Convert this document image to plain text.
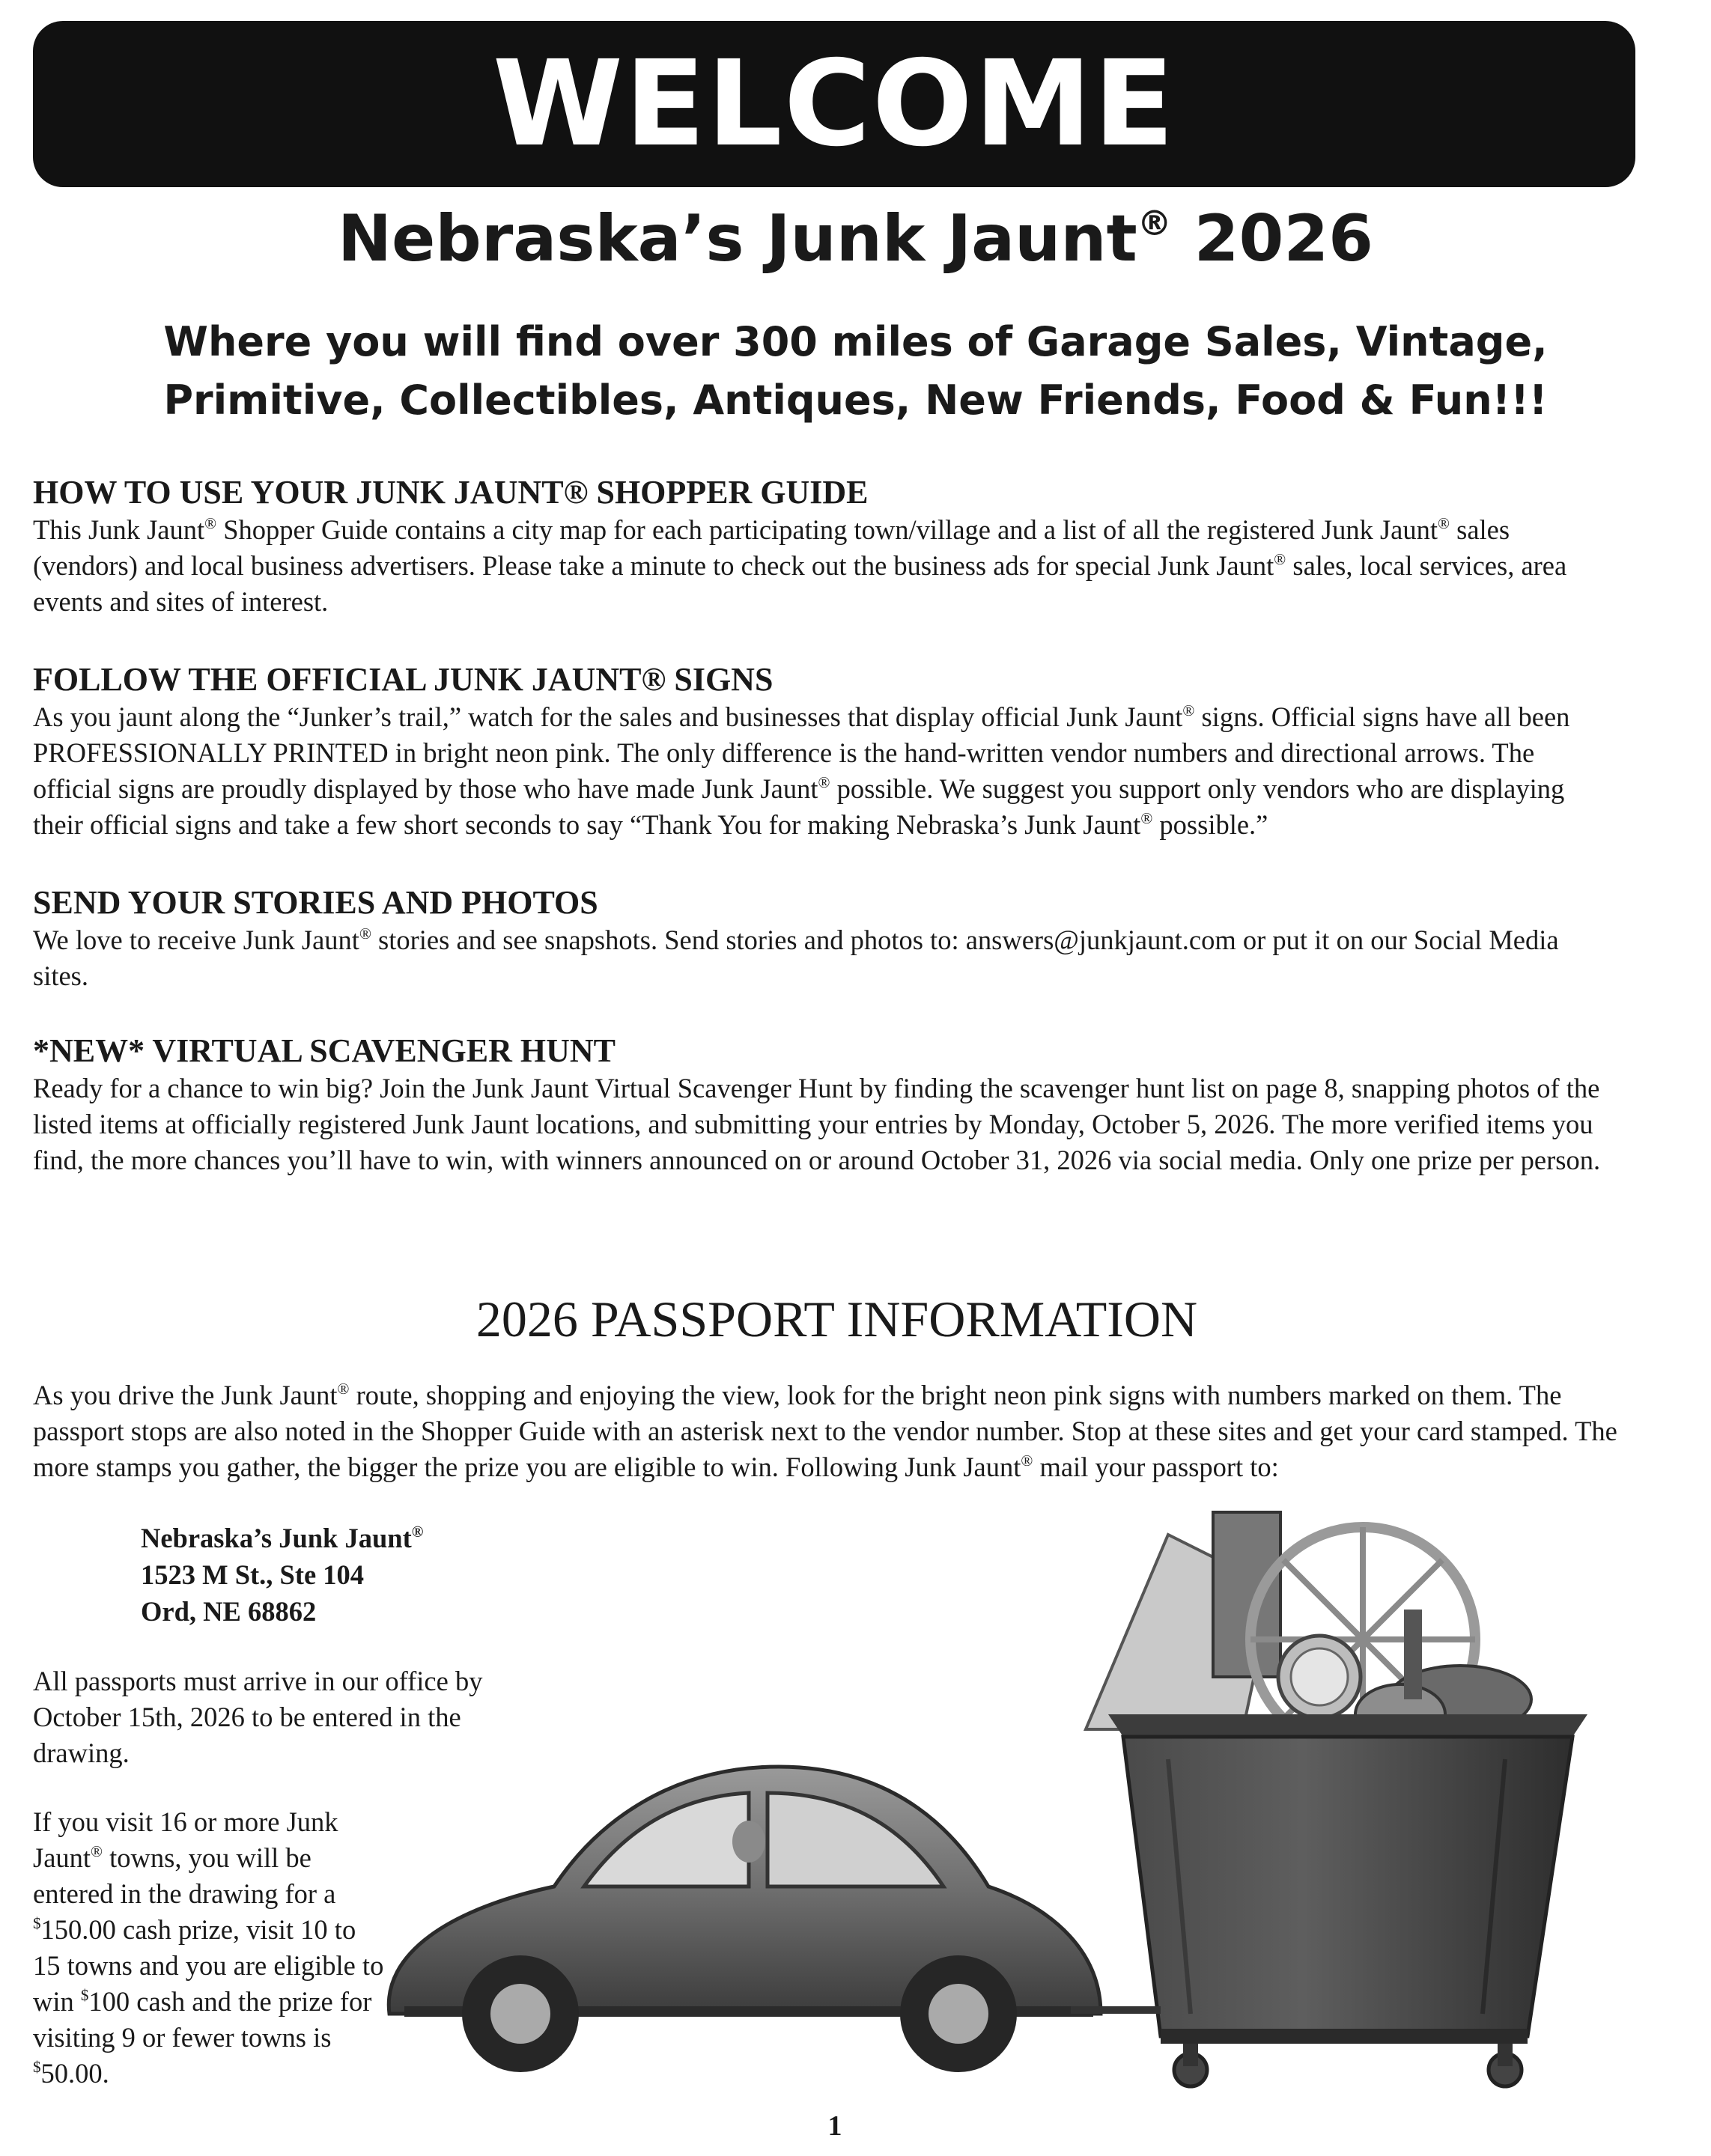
WELCOME
Nebraska’s Junk Jaunt® 2026
Where you will find over 300 miles of Garage Sales, Vintage,
Primitive, Collectibles, Antiques, New Friends, Food & Fun!!!
HOW TO USE YOUR JUNK JAUNT® SHOPPER GUIDE

This Junk Jaunt® Shopper Guide contains a city map for each participating town/village and a list of all the registered Junk Jaunt® sales (vendors) and local business advertisers. Please take a minute to check out the business ads for special Junk Jaunt® sales, local services, area events and sites of interest.

FOLLOW THE OFFICIAL JUNK JAUNT® SIGNS

As you jaunt along the “Junker’s trail,” watch for the sales and businesses that display official Junk Jaunt® signs. Official signs have all been PROFESSIONALLY PRINTED in bright neon pink. The only difference is the hand-written vendor numbers and directional arrows. The official signs are proudly displayed by those who have made Junk Jaunt® possible. We suggest you support only vendors who are displaying their official signs and take a few short seconds to say “Thank You for making Nebraska’s Junk Jaunt® possible.”

SEND YOUR STORIES AND PHOTOS

We love to receive Junk Jaunt® stories and see snapshots. Send stories and photos to: answers@junkjaunt.com or put it on our Social Media sites.

*NEW* VIRTUAL SCAVENGER HUNT

Ready for a chance to win big? Join the Junk Jaunt Virtual Scavenger Hunt by finding the scavenger hunt list on page 8, snapping photos of the listed items at officially registered Junk Jaunt locations, and submitting your entries by Monday, October 5, 2026. The more verified items you find, the more chances you’ll have to win, with winners announced on or around October 31, 2026 via social media. Only one prize per person.

2026 PASSPORT INFORMATION

As you drive the Junk Jaunt® route, shopping and enjoying the view, look for the bright neon pink signs with numbers marked on them. The passport stops are also noted in the Shopper Guide with an asterisk next to the vendor number. Stop at these sites and get your card stamped. The more stamps you gather, the bigger the prize you are eligible to win. Following Junk Jaunt® mail your passport to:

Nebraska’s Junk Jaunt®
1523 M St., Ste 104
Ord, NE 68862

All passports must arrive in our office by October 15th, 2026 to be entered in the drawing.

If you visit 16 or more Junk Jaunt® towns, you will be entered in the drawing for a $150.00 cash prize, visit 10 to 15 towns and you are eligible to win $100 cash and the prize for visiting 9 or fewer towns is $50.00.

1
